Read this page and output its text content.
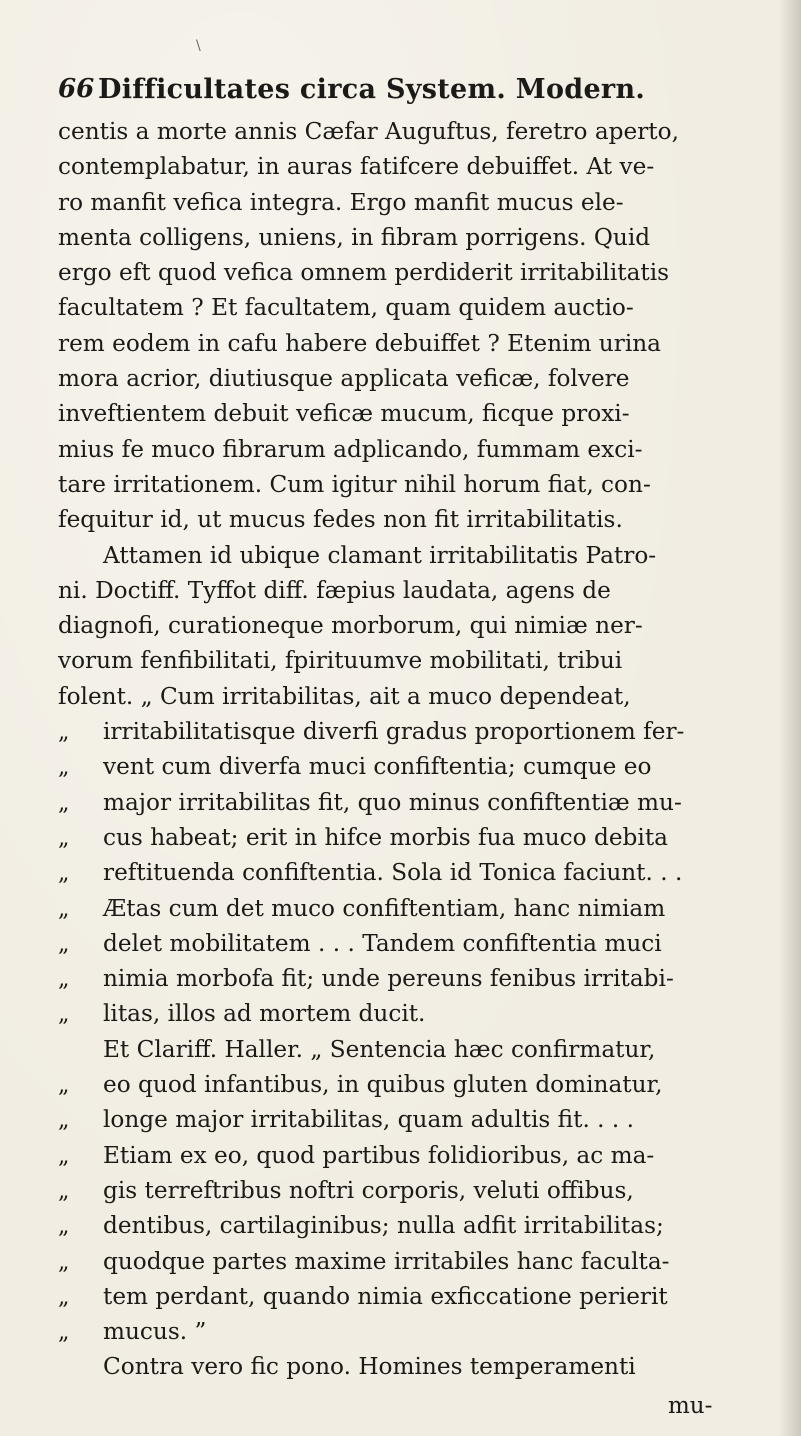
\
66 Difficultates circa System. Modern.
centis a morte annis Cæfar Auguftus, feretro aperto,
contemplabatur, in auras fatifcere debuiffet. At ve-
ro manfit vefica integra. Ergo manfit mucus ele-
menta colligens, uniens, in fibram porrigens. Quid
ergo eft quod vefica omnem perdiderit irritabilitatis
facultatem ? Et facultatem, quam quidem auctio-
rem eodem in cafu habere debuiffet ? Etenim urina
mora acrior, diutiusque applicata veficæ, folvere
inveftientem debuit veficæ mucum, ficque proxi-
mius fe muco fibrarum adplicando, fummam exci-
tare irritationem. Cum igitur nihil horum fiat, con-
fequitur id, ut mucus fedes non fit irritabilitatis.
Attamen id ubique clamant irritabilitatis Patro-
ni. Doctiff. Tyffot diff. fæpius laudata, agens de
diagnofi, curationeque morborum, qui nimiæ ner-
vorum fenfibilitati, fpirituumve mobilitati, tribui
folent. „ Cum irritabilitas, ait a muco dependeat,
„ irritabilitatisque diverfi gradus proportionem fer-
„ vent cum diverfa muci confiftentia; cumque eo
„ major irritabilitas fit, quo minus confiftentiæ mu-
„ cus habeat; erit in hifce morbis fua muco debita
„ reftituenda confiftentia. Sola id Tonica faciunt. . .
„ Ætas cum det muco confiftentiam, hanc nimiam
„ delet mobilitatem . . . Tandem confiftentia muci
„ nimia morbofa fit; unde pereuns fenibus irritabi-
„ litas, illos ad mortem ducit.
Et Clariff. Haller. „ Sentencia hæc confirmatur,
„ eo quod infantibus, in quibus gluten dominatur,
„ longe major irritabilitas, quam adultis fit. . . .
„ Etiam ex eo, quod partibus folidioribus, ac ma-
„ gis terreftribus noftri corporis, veluti offibus,
„ dentibus, cartilaginibus; nulla adfit irritabilitas;
„ quodque partes maxime irritabiles hanc faculta-
„ tem perdant, quando nimia exficcatione perierit
„ mucus. ”
Contra vero fic pono. Homines temperamenti
mu-
